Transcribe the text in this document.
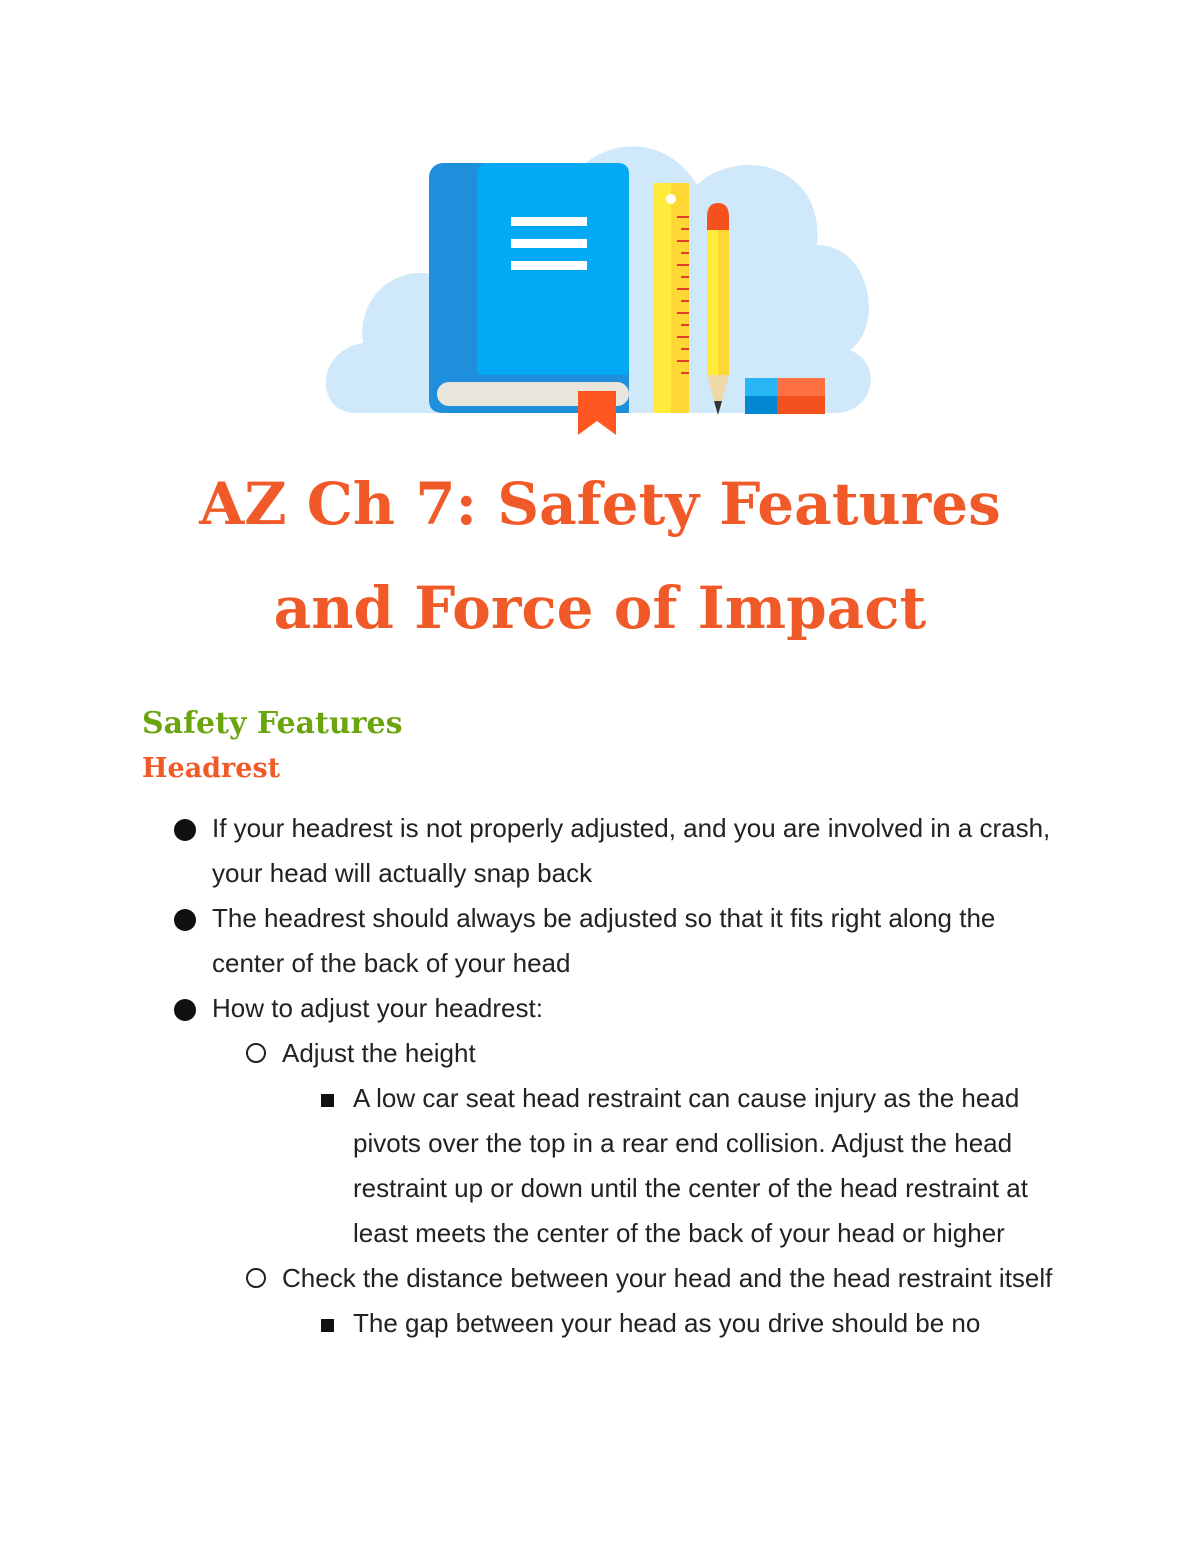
AZ Ch 7: Safety Features
and Force of Impact
Safety Features
Headrest
If your headrest is not properly adjusted, and you are involved in a crash, your head will actually snap back
The headrest should always be adjusted so that it fits right along the center of the back of your head
How to adjust your headrest:
Adjust the height
A low car seat head restraint can cause injury as the head pivots over the top in a rear end collision. Adjust the head restraint up or down until the center of the head restraint at least meets the center of the back of your head or higher
Check the distance between your head and the head restraint itself
The gap between your head as you drive should be no
